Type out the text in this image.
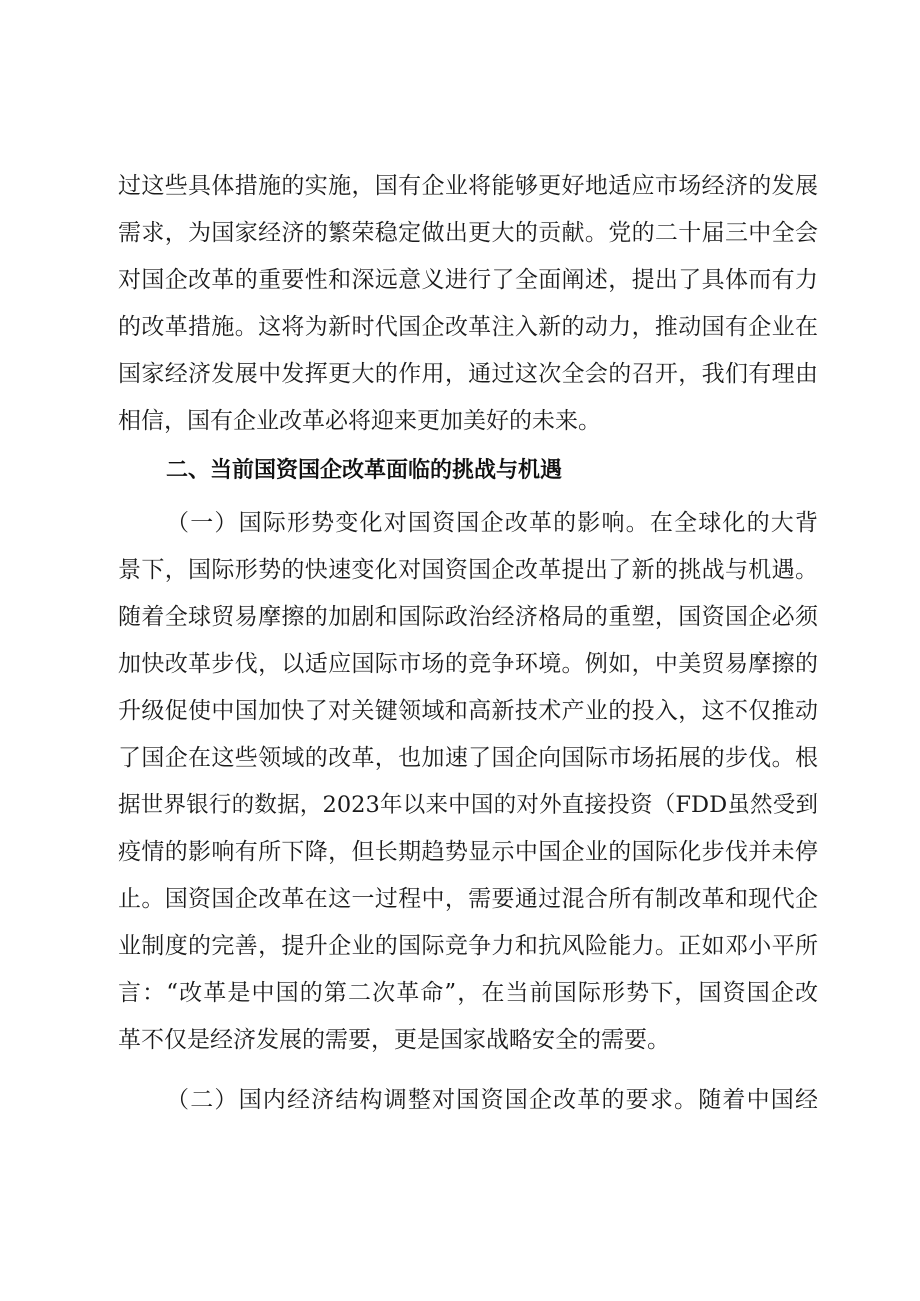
过这些具体措施的实施，国有企业将能够更好地适应市场经济的发展
需求，为国家经济的繁荣稳定做出更大的贡献。党的二十届三中全会
对国企改革的重要性和深远意义进行了全面阐述，提出了具体而有力
的改革措施。这将为新时代国企改革注入新的动力，推动国有企业在
国家经济发展中发挥更大的作用，通过这次全会的召开，我们有理由
相信，国有企业改革必将迎来更加美好的未来。
二、当前国资国企改革面临的挑战与机遇
（一）国际形势变化对国资国企改革的影响。在全球化的大背
景下，国际形势的快速变化对国资国企改革提出了新的挑战与机遇。
随着全球贸易摩擦的加剧和国际政治经济格局的重塑，国资国企必须
加快改革步伐，以适应国际市场的竞争环境。例如，中美贸易摩擦的
升级促使中国加快了对关键领域和高新技术产业的投入，这不仅推动
了国企在这些领域的改革，也加速了国企向国际市场拓展的步伐。根
据世界银行的数据，2023年以来中国的对外直接投资（FDD虽然受到
疫情的影响有所下降，但长期趋势显示中国企业的国际化步伐并未停
止。国资国企改革在这一过程中，需要通过混合所有制改革和现代企
业制度的完善，提升企业的国际竞争力和抗风险能力。正如邓小平所
言：“改革是中国的第二次革命”，在当前国际形势下，国资国企改
革不仅是经济发展的需要，更是国家战略安全的需要。
（二）国内经济结构调整对国资国企改革的要求。随着中国经
